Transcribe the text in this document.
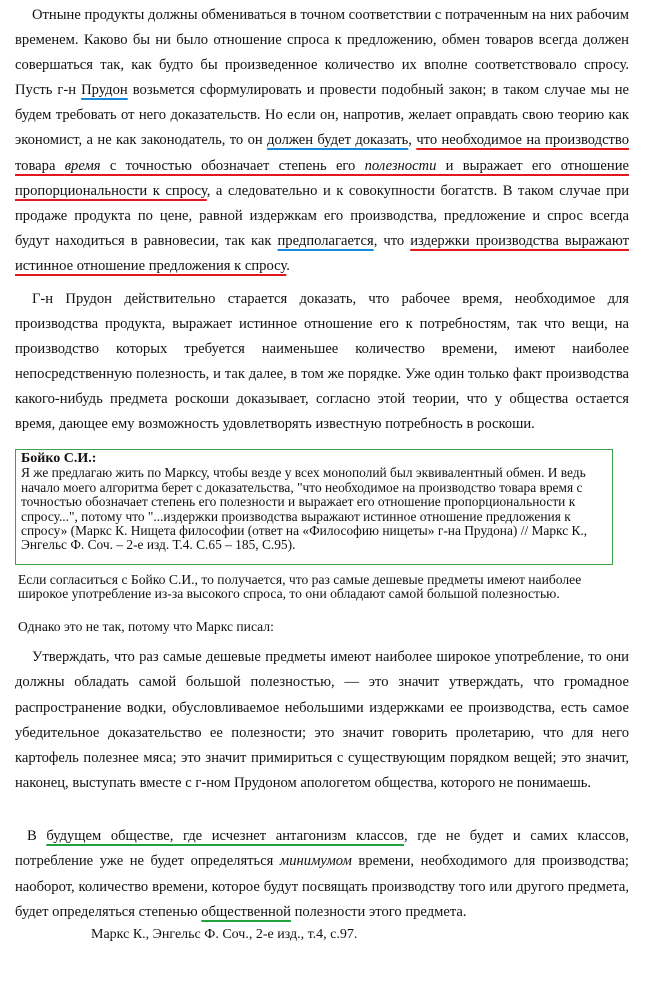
Отныне продукты должны обмениваться в точном соответствии с потраченным на них рабочим временем. Каково бы ни было отношение спроса к предложению, обмен товаров всегда должен совершаться так, как будто бы произведенное количество их вполне соответствовало спросу. Пусть г-н Прудон возьмется сформулировать и провести подобный закон; в таком случае мы не будем требовать от него доказательств. Но если он, напротив, желает оправдать свою теорию как экономист, а не как законодатель, то он должен будет доказать, что необходимое на производство товара время с точностью обозначает степень его полезности и выражает его отношение пропорциональности к спросу, а следовательно и к совокупности богатств. В таком случае при продаже продукта по цене, равной издержкам его производства, предложение и спрос всегда будут находиться в равновесии, так как предполагается, что издержки производства выражают истинное отношение предложения к спросу.

Г-н Прудон действительно старается доказать, что рабочее время, необходимое для производства продукта, выражает истинное отношение его к потребностям, так что вещи, на производство которых требуется наименьшее количество времени, имеют наиболее непосредственную полезность, и так далее, в том же порядке. Уже один только факт производства какого-нибудь предмета роскоши доказывает, согласно этой теории, что у общества остается время, дающее ему возможность удовлетворять известную потребность в роскоши.

Бойко С.И.:

Я же предлагаю жить по Марксу, чтобы везде у всех монополий был эквивалентный обмен. И ведь начало моего алгоритма берет с доказательства, "что необходимое на производство товара время с точностью обозначает степень его полезности и выражает его отношение пропорциональности к спросу...", потому что "...издержки производства выражают истинное отношение предложения к спросу» (Маркс К. Нищета философии (ответ на «Философию нищеты» г-на Прудона) // Маркс К., Энгельс Ф. Соч. – 2-е изд. Т.4. С.65 – 185, С.95).

Если согласиться с Бойко С.И., то получается, что раз самые дешевые предметы имеют наиболее широкое употребление из-за высокого спроса, то они обладают самой большой полезностью.

Однако это не так, потому что Маркс писал:

Утверждать, что раз самые дешевые предметы имеют наиболее широкое употребление, то они должны обладать самой большой полезностью, — это значит утверждать, что громадное распространение водки, обусловливаемое небольшими издержками ее производства, есть самое убедительное доказательство ее полезности; это значит говорить пролетарию, что для него картофель полезнее мяса; это значит примириться с существующим порядком вещей; это значит, наконец, выступать вместе с г-ном Прудоном апологетом общества, которого не понимаешь.

В будущем обществе, где исчезнет антагонизм классов, где не будет и самих классов, потребление уже не будет определяться минимумом времени, необходимого для производства; наоборот, количество времени, которое будут посвящать производству того или другого предмета, будет определяться степенью общественной полезности этого предмета.

Маркс К., Энгельс Ф. Соч., 2-е изд., т.4, с.97.
